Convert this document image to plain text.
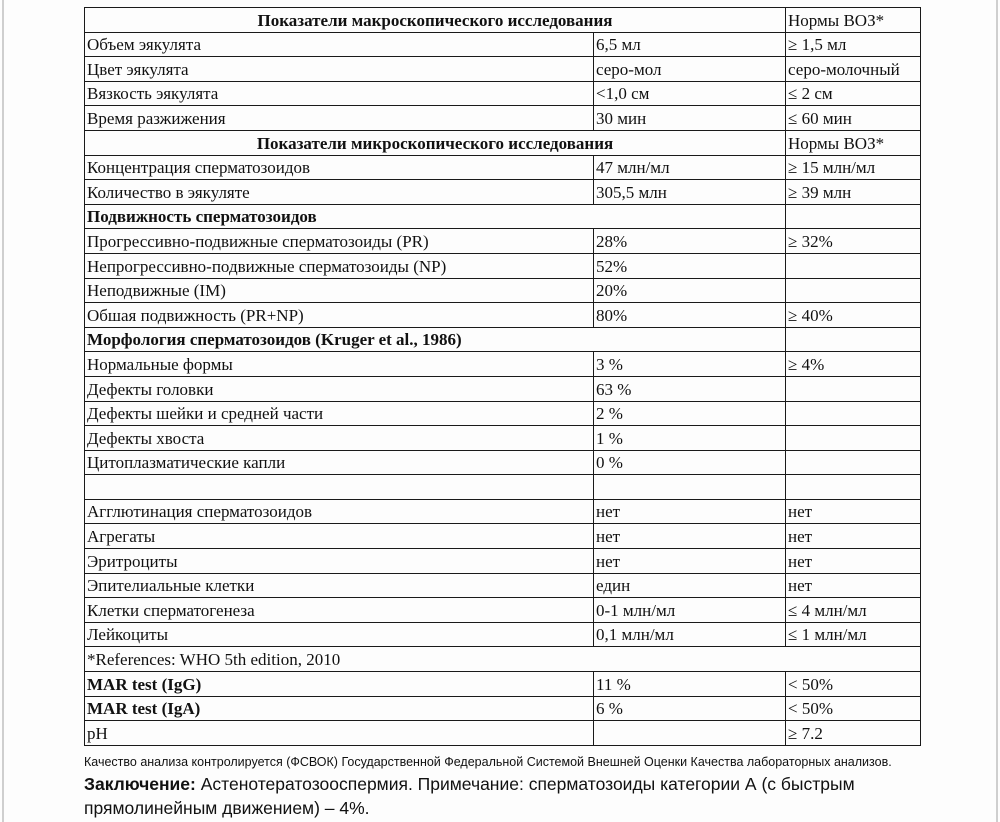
Показатели макроскопического исследования		Нормы ВОЗ*
Объем эякулята	6,5 мл	≥ 1,5 мл
Цвет эякулята	серо-мол	серо-молочный
Вязкость эякулята	<1,0 см	≤ 2 см
Время разжижения	30 мин	≤ 60 мин
Показатели микроскопического исследования		Нормы ВОЗ*
Концентрация сперматозоидов	47 млн/мл	≥ 15 млн/мл
Количество в эякуляте	305,5 млн	≥ 39 млн
Подвижность сперматозоидов		
Прогрессивно-подвижные сперматозоиды (PR)	28%	≥ 32%
Непрогрессивно-подвижные сперматозоиды (NP)	52%	
Неподвижные (IM)	20%	
Обшая подвижность (PR+NP)	80%	≥ 40%
Морфология сперматозоидов (Kruger et al., 1986)		
Нормальные формы	3 %	≥ 4%
Дефекты головки	63 %	
Дефекты шейки и средней части	2 %	
Дефекты хвоста	1 %	
Цитоплазматические капли	0 %	

Агглютинация сперматозоидов	нет	нет
Агрегаты	нет	нет
Эритроциты	нет	нет
Эпителиальные клетки	един	нет
Клетки сперматогенеза	0-1 млн/мл	≤ 4 млн/мл
Лейкоциты	0,1 млн/мл	≤ 1 млн/мл
*References: WHO 5th edition, 2010		
MAR test (IgG)	11 %	< 50%
MAR test (IgA)	6 %	< 50%
pH		≥ 7.2
Качество анализа контролируется (ФСВОК) Государственной Федеральной Системой Внешней Оценки Качества лабораторных анализов.
Заключение: Астенотератозооспермия. Примечание: сперматозоиды категории А (с быстрым прямолинейным движением) – 4%.
